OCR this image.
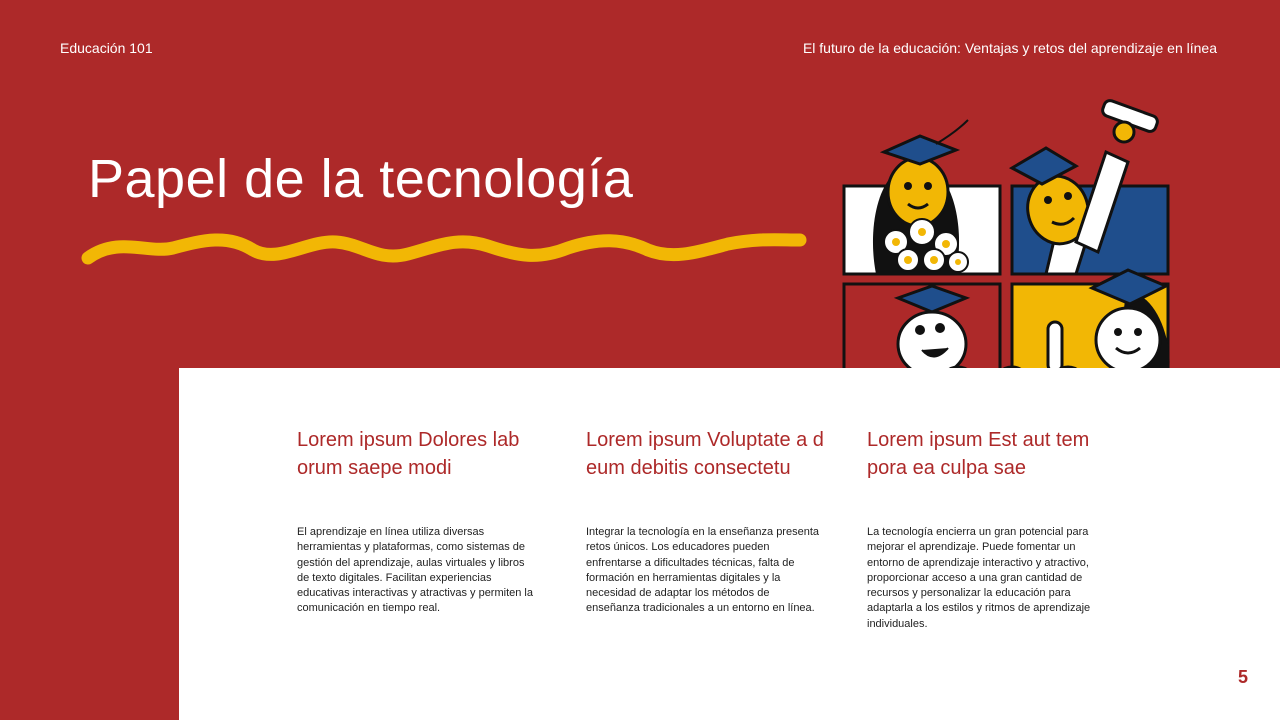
Educación 101	El futuro de la educación: Ventajas y retos del aprendizaje en línea
Papel de la tecnología
Lorem ipsum Dolores lab orum saepe modi

El aprendizaje en línea utiliza diversas herramientas y plataformas, como sistemas de gestión del aprendizaje, aulas virtuales y libros de texto digitales. Facilitan experiencias educativas interactivas y atractivas y permiten la comunicación en tiempo real.

Lorem ipsum Voluptate a d eum debitis consectetu

Integrar la tecnología en la enseñanza presenta retos únicos. Los educadores pueden enfrentarse a dificultades técnicas, falta de formación en herramientas digitales y la necesidad de adaptar los métodos de enseñanza tradicionales a un entorno en línea.

Lorem ipsum Est aut tem pora ea culpa sae

La tecnología encierra un gran potencial para mejorar el aprendizaje. Puede fomentar un entorno de aprendizaje interactivo y atractivo, proporcionar acceso a una gran cantidad de recursos y personalizar la educación para adaptarla a los estilos y ritmos de aprendizaje individuales.

5
